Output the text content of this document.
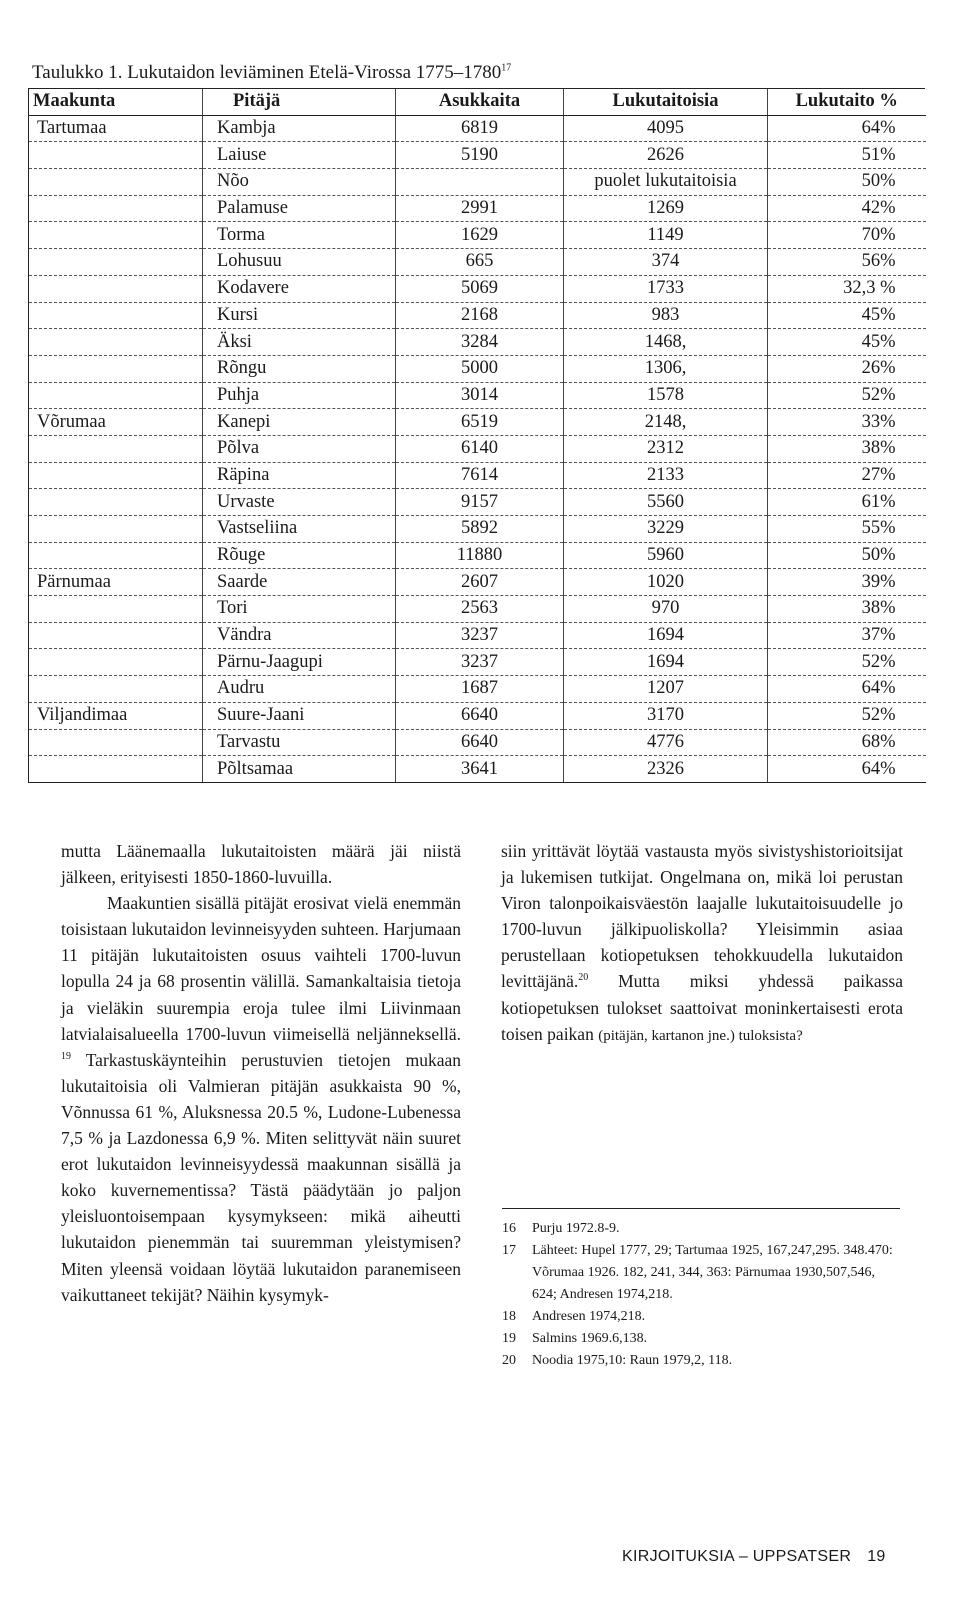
Taulukko 1. Lukutaidon leviäminen Etelä-Virossa 1775–1780$^{17}$
Maakunta	Pitäjä	Asukkaita	Lukutaitoisia	Lukutaito %
Tartumaa	Kambja	6819	4095	64%
	Laiuse	5190	2626	51%
	Nõo		puolet lukutaitoisia	50%
	Palamuse	2991	1269	42%
	Torma	1629	1149	70%
	Lohusuu	665	374	56%
	Kodavere	5069	1733	32,3 %
	Kursi	2168	983	45%
	Äksi	3284	1468,	45%
	Rõngu	5000	1306,	26%
	Puhja	3014	1578	52%
Võrumaa	Kanepi	6519	2148,	33%
	Põlva	6140	2312	38%
	Räpina	7614	2133	27%
	Urvaste	9157	5560	61%
	Vastseliina	5892	3229	55%
	Rõuge	11880	5960	50%
Pärnumaa	Saarde	2607	1020	39%
	Tori	2563	970	38%
	Vändra	3237	1694	37%
	Pärnu-Jaagupi	3237	1694	52%
	Audru	1687	1207	64%
Viljandimaa	Suure-Jaani	6640	3170	52%
	Tarvastu	6640	4776	68%
	Põltsamaa	3641	2326	64%

mutta Läänemaalla lukutaitoisten määrä jäi niistä jälkeen, erityisesti 1850-1860-luvuilla.

Maakuntien sisällä pitäjät erosivat vielä enemmän toisistaan lukutaidon levinneisyyden suhteen. Harjumaan 11 pitäjän lukutaitoisten osuus vaihteli 1700-luvun lopulla 24 ja 68 prosentin välillä. Samankaltaisia tietoja ja vieläkin suurempia eroja tulee ilmi Liivinmaan latvialaisalueella 1700-luvun viimeisellä neljänneksellä. $^{19}$ Tarkastuskäynteihin perustuvien tietojen mukaan lukutaitoisia oli Valmieran pitäjän asukkaista 90 %, Võnnussa 61 %, Aluksnessa 20.5 %, Ludone-Lubenessa 7,5 % ja Lazdonessa 6,9 %. Miten selittyvät näin suuret erot lukutaidon levinneisyydessä maakunnan sisällä ja koko kuvernementissa? Tästä päädytään jo paljon yleisluontoisempaan kysymykseen: mikä aiheutti lukutaidon pienemmän tai suuremman yleistymisen? Miten yleensä voidaan löytää lukutaidon paranemiseen vaikuttaneet tekijät? Näihin kysymyk-

siin yrittävät löytää vastausta myös sivistyshistorioitsijat ja lukemisen tutkijat. Ongelmana on, mikä loi perustan Viron talonpoikaisväestön laajalle lukutaitoisuudelle jo 1700-luvun jälkipuoliskolla? Yleisimmin asiaa perustellaan kotiopetuksen tehokkuudella lukutaidon levittäjänä.$^{20}$ Mutta miksi yhdessä paikassa kotiopetuksen tulokset saattoivat moninkertaisesti erota toisen paikan (pitäjän, kartanon jne.) tuloksista?

16	Purju 1972.8-9.
17	Lähteet: Hupel 1777, 29; Tartumaa 1925, 167,247,295. 348.470: Võrumaa 1926. 182, 241, 344, 363: Pärnumaa 1930,507,546, 624; Andresen 1974,218.
18	Andresen 1974,218.
19	Salmins 1969.6,138.
20	Noodia 1975,10: Raun 1979,2, 118.
KIRJOITUKSIA – UPPSATSER 19
